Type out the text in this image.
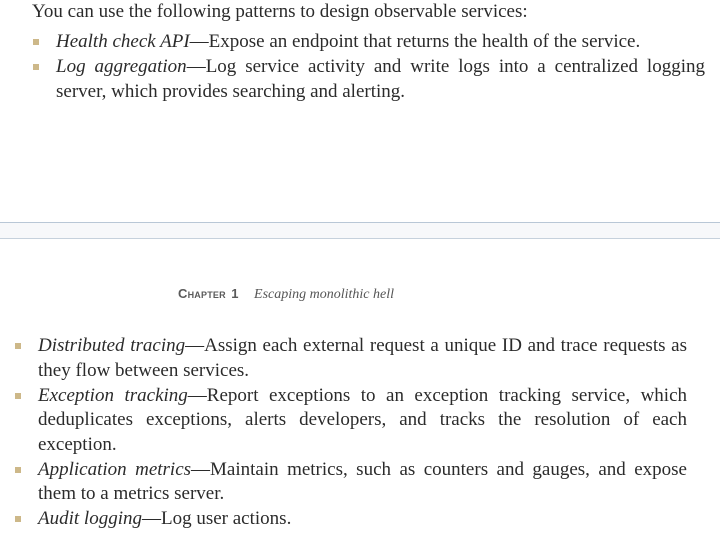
You can use the following patterns to design observable services:

Health check API—Expose an endpoint that returns the health of the service.
Log aggregation—Log service activity and write logs into a centralized logging server, which provides searching and alerting.
Chapter 1 Escaping monolithic hell
Distributed tracing—Assign each external request a unique ID and trace requests as they flow between services.
Exception tracking—Report exceptions to an exception tracking service, which deduplicates exceptions, alerts developers, and tracks the resolution of each exception.
Application metrics—Maintain metrics, such as counters and gauges, and expose them to a metrics server.
Audit logging—Log user actions.
